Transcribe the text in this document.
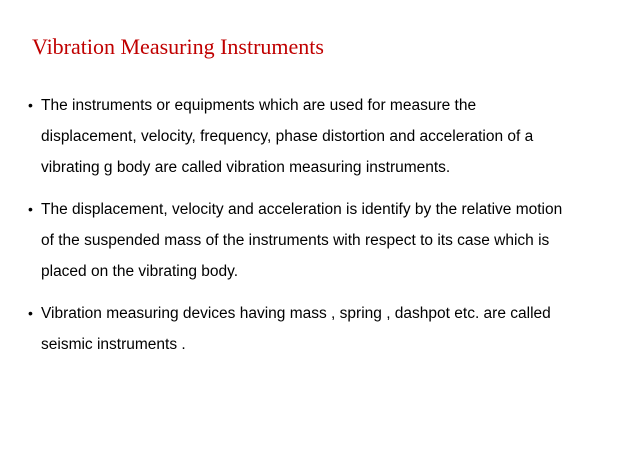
Vibration Measuring Instruments
• The instruments or equipments which are used for measure the
displacement, velocity, frequency, phase distortion and acceleration of a
vibrating g body are called vibration measuring instruments.
• The displacement, velocity and acceleration is identify by the relative motion
of the suspended mass of the instruments with respect to its case which is
placed on the vibrating body.
• Vibration measuring devices having mass , spring , dashpot etc. are called
seismic instruments .
